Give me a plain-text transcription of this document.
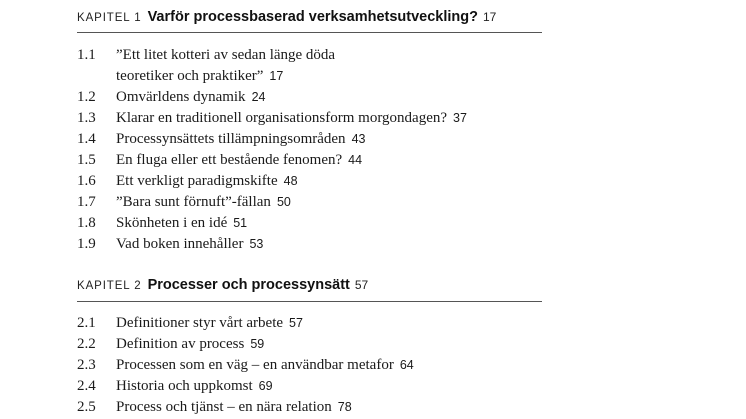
KAPITEL 1 Varför processbaserad verksamhetsutveckling? 17
1.1	”Ett litet kotteri av sedan länge döda
teoretiker och praktiker” 17
1.2	Omvärldens dynamik 24
1.3	Klarar en traditionell organisationsform morgondagen? 37
1.4	Processynsättets tillämpningsområden 43
1.5	En fluga eller ett bestående fenomen? 44
1.6	Ett verkligt paradigmskifte 48
1.7	”Bara sunt förnuft”-fällan 50
1.8	Skönheten i en idé 51
1.9	Vad boken innehåller 53
KAPITEL 2 Processer och processynsätt 57
2.1	Definitioner styr vårt arbete 57
2.2	Definition av process 59
2.3	Processen som en väg – en användbar metafor 64
2.4	Historia och uppkomst 69
2.5	Process och tjänst – en nära relation 78
